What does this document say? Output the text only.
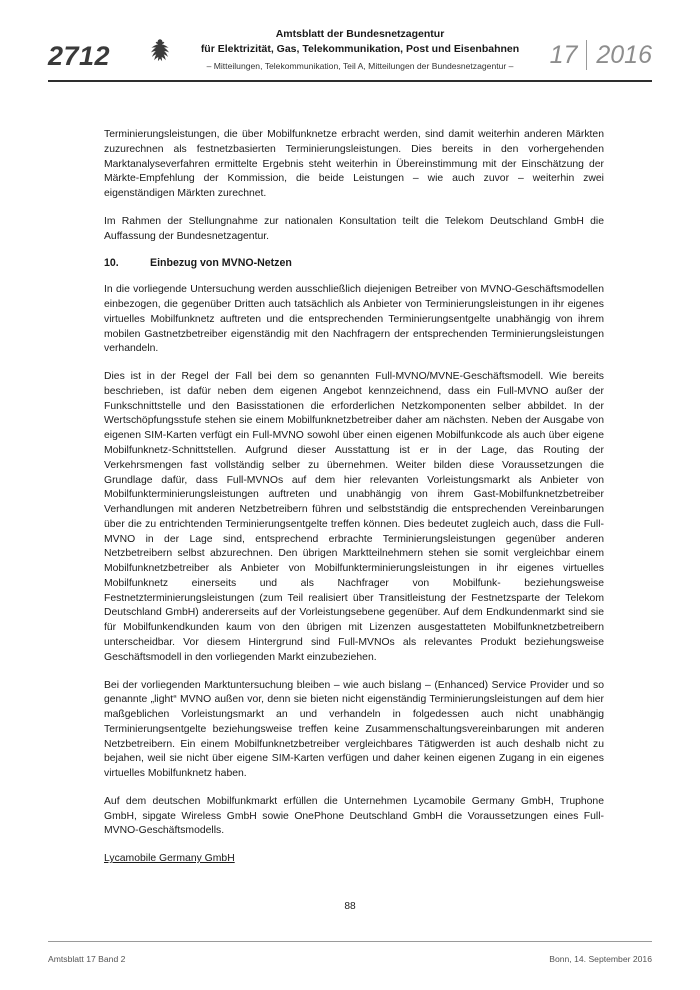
2712
Amtsblatt der Bundesnetzagentur
für Elektrizität, Gas, Telekommunikation, Post und Eisenbahnen
– Mitteilungen, Telekommunikation, Teil A, Mitteilungen der Bundesnetzagentur –	17 2016

Terminierungsleistungen, die über Mobilfunknetze erbracht werden, sind damit weiterhin anderen Märkten zuzurechnen als festnetzbasierten Terminierungsleistungen. Dies bereits in den vorhergehenden Marktanalyseverfahren ermittelte Ergebnis steht weiterhin in Übereinstimmung mit der Einschätzung der Märkte-Empfehlung der Kommission, die beide Leistungen – wie auch zuvor – weiterhin zwei eigenständigen Märkten zurechnet.

Im Rahmen der Stellungnahme zur nationalen Konsultation teilt die Telekom Deutschland GmbH die Auffassung der Bundesnetzagentur.

10.	Einbezug von MVNO-Netzen

In die vorliegende Untersuchung werden ausschließlich diejenigen Betreiber von MVNO-Geschäftsmodellen einbezogen, die gegenüber Dritten auch tatsächlich als Anbieter von Terminierungsleistungen in ihr eigenes virtuelles Mobilfunknetz auftreten und die entsprechenden Terminierungsentgelte unabhängig von ihrem mobilen Gastnetzbetreiber eigenständig mit den Nachfragern der entsprechenden Terminierungsleistungen verhandeln.

Dies ist in der Regel der Fall bei dem so genannten Full-MVNO/MVNE-Geschäftsmodell. Wie bereits beschrieben, ist dafür neben dem eigenen Angebot kennzeichnend, dass ein Full-MVNO außer der Funkschnittstelle und den Basisstationen die erforderlichen Netzkomponenten selber abbildet. In der Wertschöpfungsstufe stehen sie einem Mobilfunknetzbetreiber daher am nächsten. Neben der Ausgabe von eigenen SIM-Karten verfügt ein Full-MVNO sowohl über einen eigenen Mobilfunkcode als auch über eigene Mobilfunknetz-Schnittstellen. Aufgrund dieser Ausstattung ist er in der Lage, das Routing der Verkehrsmengen fast vollständig selber zu übernehmen. Weiter bilden diese Voraussetzungen die Grundlage dafür, dass Full-MVNOs auf dem hier relevanten Vorleistungsmarkt als Anbieter von Mobilfunkterminierungsleistungen auftreten und unabhängig von ihrem Gast-Mobilfunknetzbetreiber Verhandlungen mit anderen Netzbetreibern führen und selbstständig die entsprechenden Vereinbarungen über die zu entrichtenden Terminierungsentgelte treffen können. Dies bedeutet zugleich auch, dass die Full-MVNO in der Lage sind, entsprechend erbrachte Terminierungsleistungen gegenüber anderen Netzbetreibern selbst abzurechnen. Den übrigen Marktteilnehmern stehen sie somit vergleichbar einem Mobilfunknetzbetreiber als Anbieter von Mobilfunkterminierungsleistungen in ihr eigenes virtuelles Mobilfunknetz einerseits und als Nachfrager von Mobilfunk- beziehungsweise Festnetzterminierungsleistungen (zum Teil realisiert über Transitleistung der Festnetzsparte der Telekom Deutschland GmbH) andererseits auf der Vorleistungsebene gegenüber. Auf dem Endkundenmarkt sind sie für Mobilfunkendkunden kaum von den übrigen mit Lizenzen ausgestatteten Mobilfunknetzbetreibern unterscheidbar. Vor diesem Hintergrund sind Full-MVNOs als relevantes Produkt beziehungsweise Geschäftsmodell in den vorliegenden Markt einzubeziehen.

Bei der vorliegenden Marktuntersuchung bleiben – wie auch bislang – (Enhanced) Service Provider und so genannte „light“ MVNO außen vor, denn sie bieten nicht eigenständig Terminierungsleistungen auf dem hier maßgeblichen Vorleistungsmarkt an und verhandeln in folgedessen auch nicht unabhängig Terminierungsentgelte beziehungsweise treffen keine Zusammenschaltungsvereinbarungen mit anderen Netzbetreibern. Ein einem Mobilfunknetzbetreiber vergleichbares Tätigwerden ist auch deshalb nicht zu bejahen, weil sie nicht über eigene SIM-Karten verfügen und daher keinen eigenen Zugang in ein eigenes virtuelles Mobilfunknetz haben.

Auf dem deutschen Mobilfunkmarkt erfüllen die Unternehmen Lycamobile Germany GmbH, Truphone GmbH, sipgate Wireless GmbH sowie OnePhone Deutschland GmbH die Voraussetzungen eines Full-MVNO-Geschäftsmodells.

Lycamobile Germany GmbH
88
Amtsblatt 17 Band 2	Bonn, 14. September 2016
